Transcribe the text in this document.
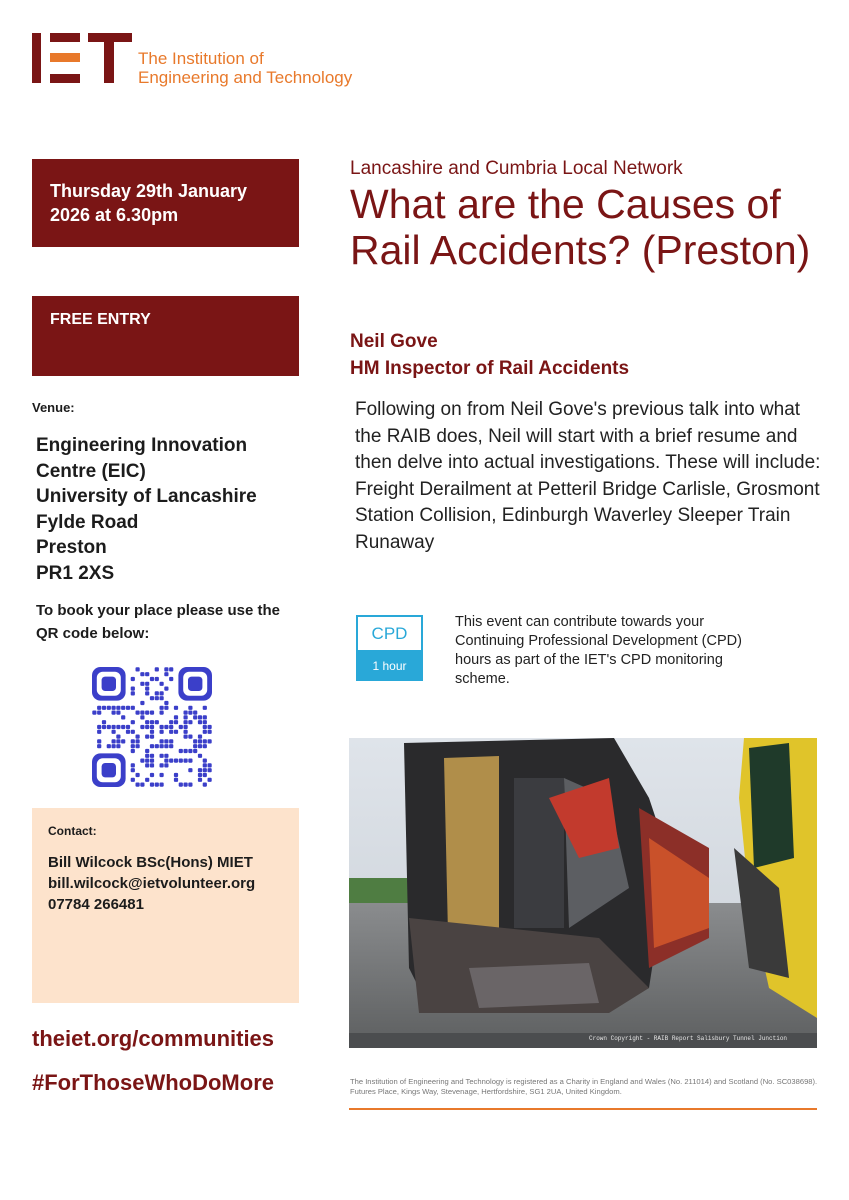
The Institution of
Engineering and Technology
Thursday 29th January
2026 at 6.30pm
FREE ENTRY
Venue:
Engineering Innovation
Centre (EIC)
University of Lancashire
Fylde Road
Preston
PR1 2XS
To book your place please use the QR code below:
Contact:
Bill Wilcock BSc(Hons) MIET
bill.wilcock@ietvolunteer.org
07784 266481
theiet.org/communities
#ForThoseWhoDoMore
Lancashire and Cumbria Local Network
What are the Causes of Rail Accidents? (Preston)
Neil Gove
HM Inspector of Rail Accidents
Following on from Neil Gove's previous talk into what the RAIB does, Neil will start with a brief resume and then delve into actual investigations. These will include: Freight Derailment at Petteril Bridge Carlisle, Grosmont Station Collision, Edinburgh Waverley Sleeper Train Runaway
CPD
1 hour
This event can contribute towards your Continuing Professional Development (CPD) hours as part of the IET's CPD monitoring scheme.
Crown Copyright - RAIB Report Salisbury Tunnel Junction
The Institution of Engineering and Technology is registered as a Charity in England and Wales (No. 211014) and Scotland (No. SC038698). Futures Place, Kings Way, Stevenage, Hertfordshire, SG1 2UA, United Kingdom.
